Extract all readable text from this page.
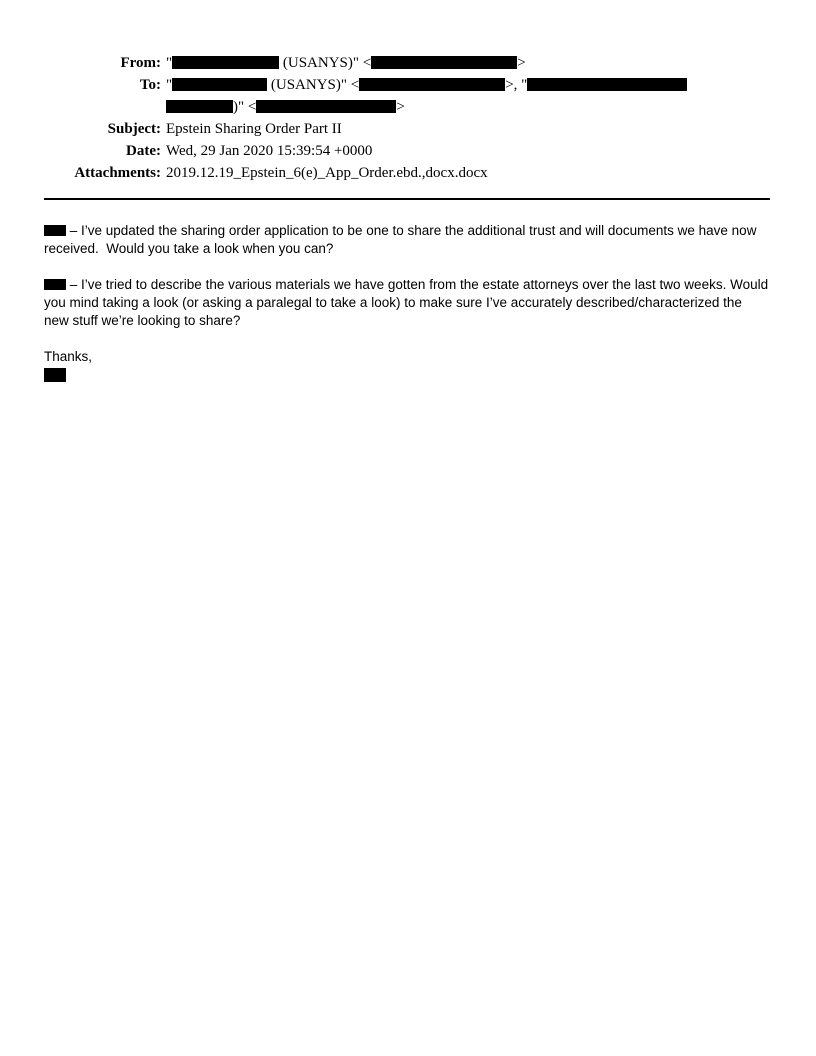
From: "	(USANYS)" <	>
To: "	(USANYS)" <	>, "
)" <	>
Subject: Epstein Sharing Order Part II
Date: Wed, 29 Jan 2020 15:39:54 +0000
Attachments: 2019.12.19_Epstein_6(e)_App_Order.ebd.,docx.docx

– I’ve updated the sharing order application to be one to share the additional trust and will documents we have now received.  Would you take a look when you can?

– I’ve tried to describe the various materials we have gotten from the estate attorneys over the last two weeks. Would you mind taking a look (or asking a paralegal to take a look) to make sure I’ve accurately described/characterized the new stuff we’re looking to share?

Thanks,
